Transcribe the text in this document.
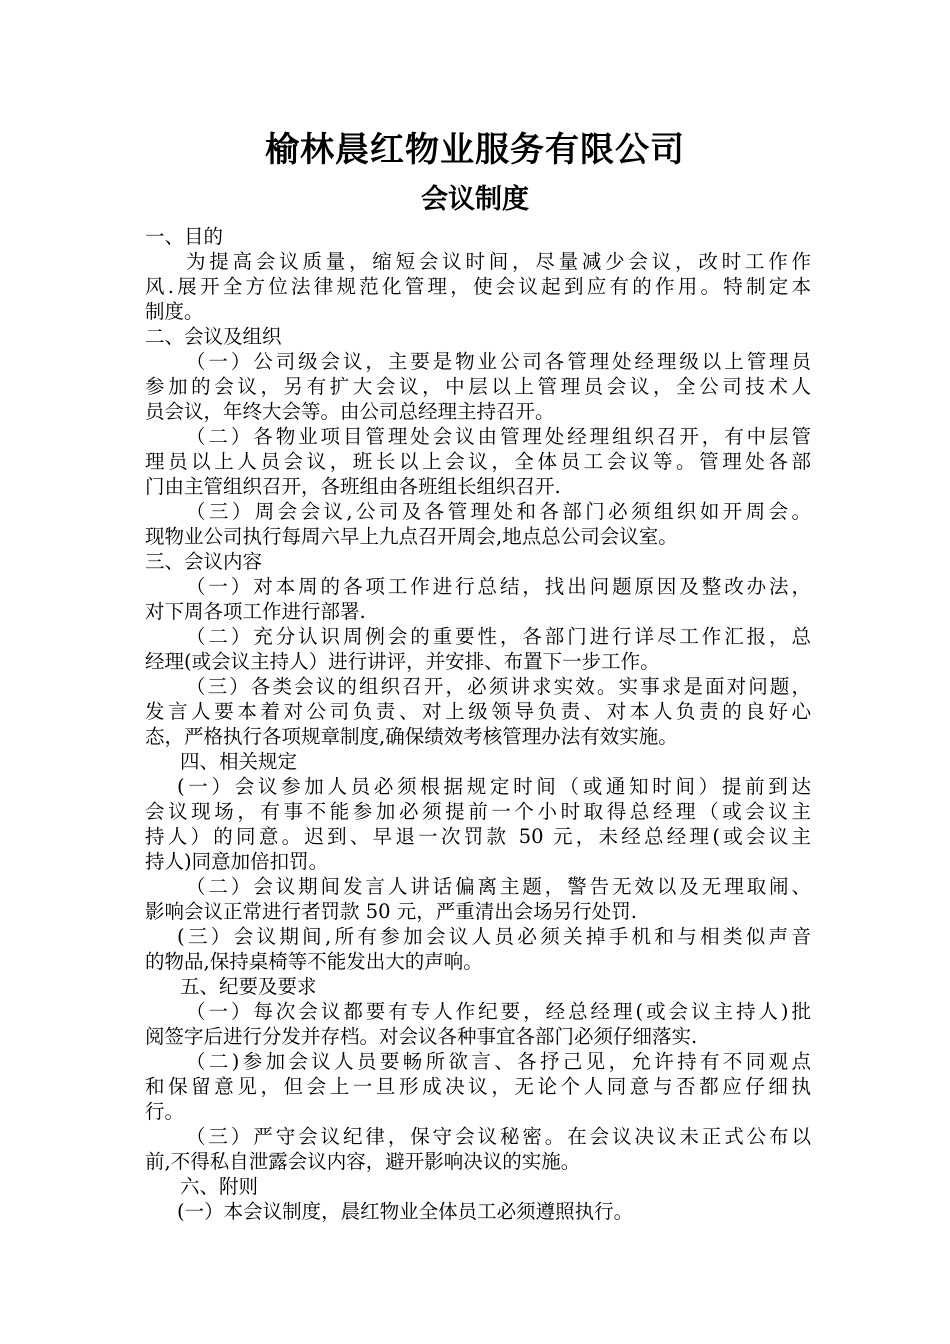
榆林晨红物业服务有限公司
会议制度
一、目的
为提高会议质量，缩短会议时间，尽量减少会议，改时工作作
风.展开全方位法律规范化管理，使会议起到应有的作用。特制定本
制度。
二、会议及组织
（一）公司级会议，主要是物业公司各管理处经理级以上管理员
参加的会议，另有扩大会议，中层以上管理员会议，全公司技术人
员会议，年终大会等。由公司总经理主持召开。
（二）各物业项目管理处会议由管理处经理组织召开，有中层管
理员以上人员会议，班长以上会议，全体员工会议等。管理处各部
门由主管组织召开，各班组由各班组长组织召开.
（三）周会会议,公司及各管理处和各部门必须组织如开周会。
现物业公司执行每周六早上九点召开周会,地点总公司会议室。
三、会议内容
（一）对本周的各项工作进行总结，找出问题原因及整改办法，
对下周各项工作进行部署.
（二）充分认识周例会的重要性，各部门进行详尽工作汇报，总
经理(或会议主持人）进行讲评，并安排、布置下一步工作。
（三）各类会议的组织召开，必须讲求实效。实事求是面对问题，
发言人要本着对公司负责、对上级领导负责、对本人负责的良好心
态，严格执行各项规章制度,确保绩效考核管理办法有效实施。
四、相关规定
(一）会议参加人员必须根据规定时间（或通知时间）提前到达
会议现场，有事不能参加必须提前一个小时取得总经理（或会议主
持人）的同意。迟到、早退一次罚款 50 元，未经总经理(或会议主
持人)同意加倍扣罚。
（二）会议期间发言人讲话偏离主题，警告无效以及无理取闹、
影响会议正常进行者罚款 50 元，严重清出会场另行处罚.
(三）会议期间,所有参加会议人员必须关掉手机和与相类似声音
的物品,保持桌椅等不能发出大的声响。
五、纪要及要求
（一）每次会议都要有专人作纪要，经总经理(或会议主持人)批
阅签字后进行分发并存档。对会议各种事宜各部门必须仔细落实.
（二)参加会议人员要畅所欲言、各抒己见，允许持有不同观点
和保留意见，但会上一旦形成决议，无论个人同意与否都应仔细执
行。
（三）严守会议纪律，保守会议秘密。在会议决议未正式公布以
前,不得私自泄露会议内容，避开影响决议的实施。
六、附则
(一）本会议制度，晨红物业全体员工必须遵照执行。
